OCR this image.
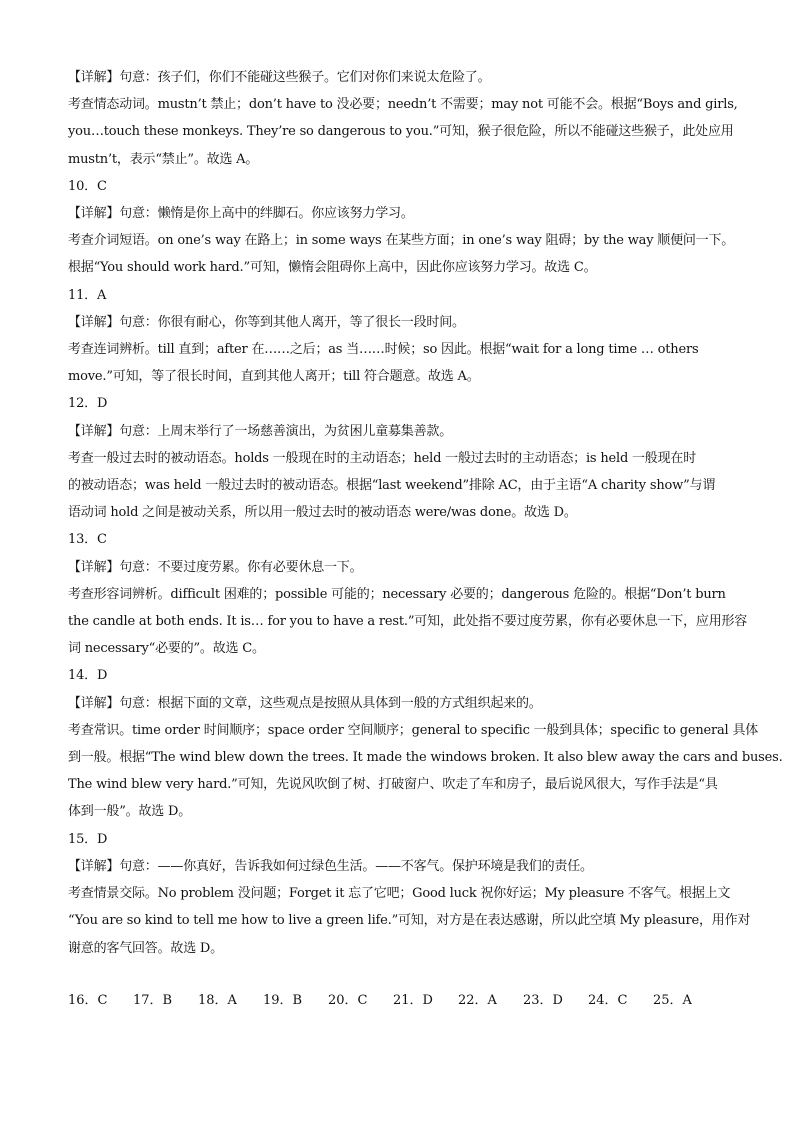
【详解】句意：孩子们，你们不能碰这些猴子。它们对你们来说太危险了。
考查情态动词。mustn’t 禁止；don’t have to 没必要；needn’t 不需要；may not 可能不会。根据“Boys and girls,
you…touch these monkeys. They’re so dangerous to you.”可知，猴子很危险，所以不能碰这些猴子，此处应用
mustn’t，表示“禁止”。故选 A。
10．C
【详解】句意：懒惰是你上高中的绊脚石。你应该努力学习。
考查介词短语。on one’s way 在路上；in some ways 在某些方面；in one’s way 阻碍；by the way 顺便问一下。
根据“You should work hard.”可知，懒惰会阻碍你上高中，因此你应该努力学习。故选 C。
11．A
【详解】句意：你很有耐心，你等到其他人离开，等了很长一段时间。
考查连词辨析。till 直到；after 在……之后；as 当……时候；so 因此。根据“wait for a long time … others
move.”可知，等了很长时间，直到其他人离开；till 符合题意。故选 A。
12．D
【详解】句意：上周末举行了一场慈善演出，为贫困儿童募集善款。
考查一般过去时的被动语态。holds 一般现在时的主动语态；held 一般过去时的主动语态；is held 一般现在时
的被动语态；was held 一般过去时的被动语态。根据“last weekend”排除 AC，由于主语“A charity show”与谓
语动词 hold 之间是被动关系，所以用一般过去时的被动语态 were/was done。故选 D。
13．C
【详解】句意：不要过度劳累。你有必要休息一下。
考查形容词辨析。difficult 困难的；possible 可能的；necessary 必要的；dangerous 危险的。根据“Don’t burn
the candle at both ends. It is… for you to have a rest.”可知，此处指不要过度劳累，你有必要休息一下，应用形容
词 necessary“必要的”。故选 C。
14．D
【详解】句意：根据下面的文章，这些观点是按照从具体到一般的方式组织起来的。
考查常识。time order 时间顺序；space order 空间顺序；general to specific 一般到具体；specific to general 具体
到一般。根据“The wind blew down the trees. It made the windows broken. It also blew away the cars and buses.
The wind blew very hard.”可知，先说风吹倒了树、打破窗户、吹走了车和房子，最后说风很大，写作手法是“具
体到一般”。故选 D。
15．D
【详解】句意：——你真好，告诉我如何过绿色生活。——不客气。保护环境是我们的责任。
考查情景交际。No problem 没问题；Forget it 忘了它吧；Good luck 祝你好运；My pleasure 不客气。根据上文
“You are so kind to tell me how to live a green life.”可知，对方是在表达感谢，所以此空填 My pleasure，用作对
谢意的客气回答。故选 D。
16．C	17．B	18．A	19．B	20．C	21．D	22．A	23．D	24．C	25．A
